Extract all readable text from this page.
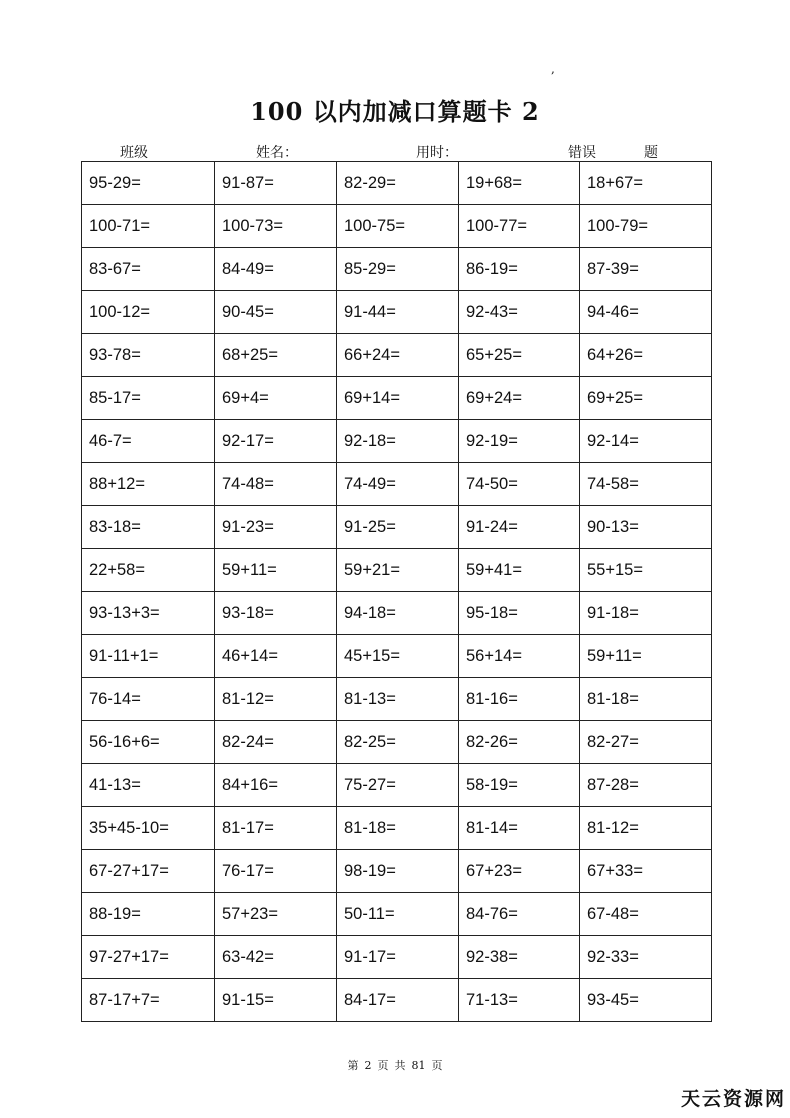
,
100 以内加减口算题卡 2
班级	姓名：	用时：	错误	题
95-29=	91-87=	82-29=	19+68=	18+67=
100-71=	100-73=	100-75=	100-77=	100-79=
83-67=	84-49=	85-29=	86-19=	87-39=
100-12=	90-45=	91-44=	92-43=	94-46=
93-78=	68+25=	66+24=	65+25=	64+26=
85-17=	69+4=	69+14=	69+24=	69+25=
46-7=	92-17=	92-18=	92-19=	92-14=
88+12=	74-48=	74-49=	74-50=	74-58=
83-18=	91-23=	91-25=	91-24=	90-13=
22+58=	59+11=	59+21=	59+41=	55+15=
93-13+3=	93-18=	94-18=	95-18=	91-18=
91-11+1=	46+14=	45+15=	56+14=	59+11=
76-14=	81-12=	81-13=	81-16=	81-18=
56-16+6=	82-24=	82-25=	82-26=	82-27=
41-13=	84+16=	75-27=	58-19=	87-28=
35+45-10=	81-17=	81-18=	81-14=	81-12=
67-27+17=	76-17=	98-19=	67+23=	67+33=
88-19=	57+23=	50-11=	84-76=	67-48=
97-27+17=	63-42=	91-17=	92-38=	92-33=
87-17+7=	91-15=	84-17=	71-13=	93-45=
第 2 页 共 81 页
天云资源网
